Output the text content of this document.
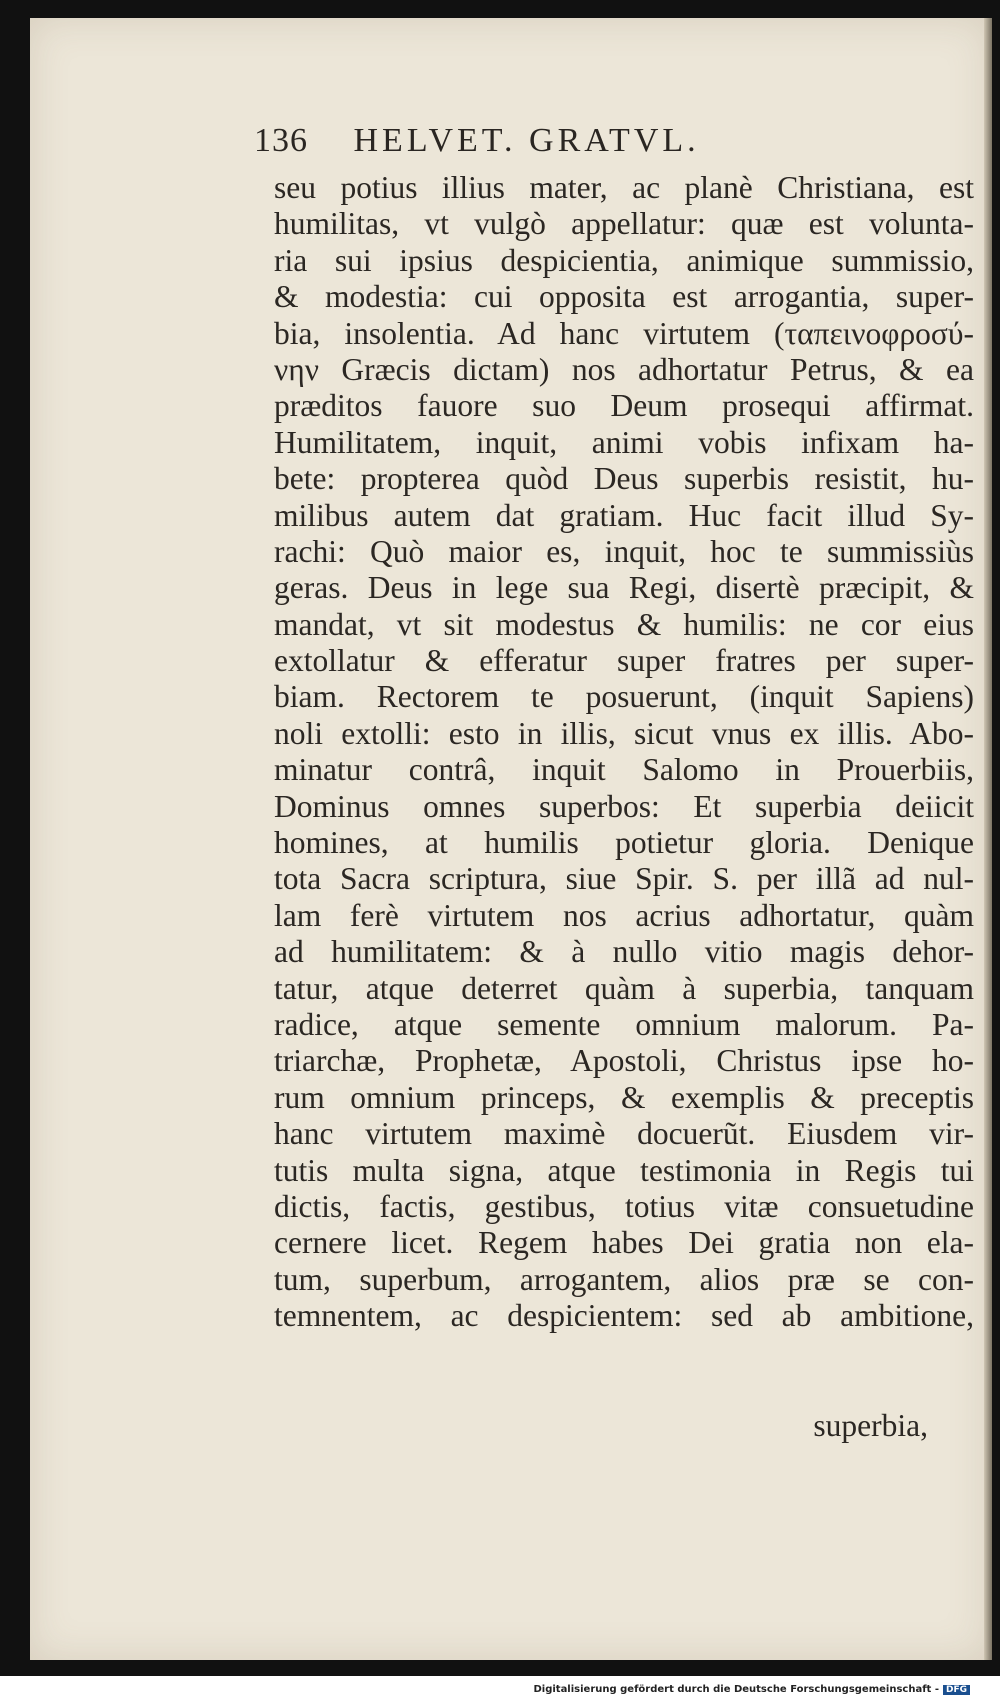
136 HELVET. GRATVL.
seu potius illius mater, ac planè Christiana, est
humilitas, vt vulgò appellatur: quæ est volunta-
ria sui ipsius despicientia, animique summissio,
& modestia: cui opposita est arrogantia, super-
bia, insolentia. Ad hanc virtutem (ταπεινοφροσύ-
νην Græcis dictam) nos adhortatur Petrus, & ea
præditos fauore suo Deum prosequi affirmat.
Humilitatem, inquit, animi vobis infixam ha-
bete: propterea quòd Deus superbis resistit, hu-
milibus autem dat gratiam. Huc facit illud Sy-
rachi: Quò maior es, inquit, hoc te summissiùs
geras. Deus in lege sua Regi, disertè præcipit, &
mandat, vt sit modestus & humilis: ne cor eius
extollatur & efferatur super fratres per super-
biam. Rectorem te posuerunt, (inquit Sapiens)
noli extolli: esto in illis, sicut vnus ex illis. Abo-
minatur contrâ, inquit Salomo in Prouerbiis,
Dominus omnes superbos: Et superbia deiicit
homines, at humilis potietur gloria. Denique
tota Sacra scriptura, siue Spir. S. per illã ad nul-
lam ferè virtutem nos acrius adhortatur, quàm
ad humilitatem: & à nullo vitio magis dehor-
tatur, atque deterret quàm à superbia, tanquam
radice, atque semente omnium malorum. Pa-
triarchæ, Prophetæ, Apostoli, Christus ipse ho-
rum omnium princeps, & exemplis & preceptis
hanc virtutem maximè docuerũt. Eiusdem vir-
tutis multa signa, atque testimonia in Regis tui
dictis, factis, gestibus, totius vitæ consuetudine
cernere licet. Regem habes Dei gratia non ela-
tum, superbum, arrogantem, alios præ se con-
temnentem, ac despicientem: sed ab ambitione,
superbia,
Digitalisierung gefördert durch die Deutsche Forschungsgemeinschaft - DFG
